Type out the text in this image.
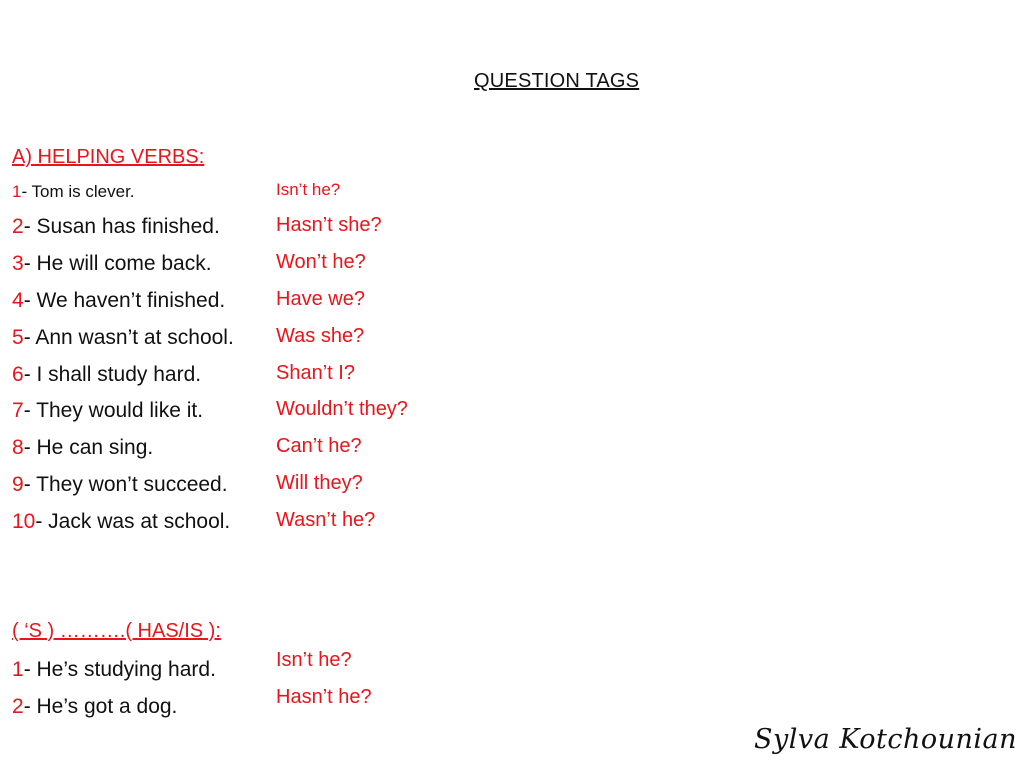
QUESTION TAGS
A) HELPING VERBS:
1- Tom is clever.	Isn’t he?
2- Susan has finished.	Hasn’t she?
3- He will come back.	Won’t he?
4- We haven’t finished.	Have we?
5- Ann wasn’t at school. Was she?
6- I shall study hard.	Shan’t I?
7- They would like it.	Wouldn’t they?
8- He can sing.	Can’t he?
9- They won’t succeed. Will they?
10- Jack was at school. Wasn’t he?
( ‘S ) ……….( HAS/IS ):
1- He’s studying hard.	Isn’t he?
2- He’s got a dog.	Hasn’t he?
Sylva Kotchounian
